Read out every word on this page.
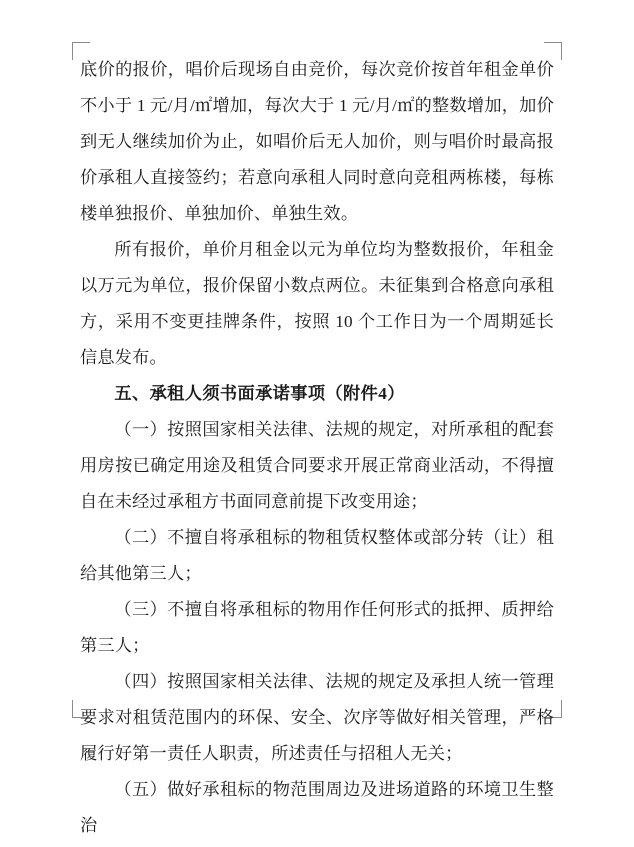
底价的报价，唱价后现场自由竞价，每次竞价按首年租金单价不小于 1 元/月/㎡增加，每次大于 1 元/月/㎡的整数增加，加价到无人继续加价为止，如唱价后无人加价，则与唱价时最高报价承租人直接签约；若意向承租人同时意向竞租两栋楼，每栋楼单独报价、单独加价、单独生效。

所有报价，单价月租金以元为单位均为整数报价，年租金以万元为单位，报价保留小数点两位。未征集到合格意向承租方，采用不变更挂牌条件，按照 10 个工作日为一个周期延长信息发布。

五、承租人须书面承诺事项（附件4）

（一）按照国家相关法律、法规的规定，对所承租的配套用房按已确定用途及租赁合同要求开展正常商业活动，不得擅自在未经过承租方书面同意前提下改变用途；

（二）不擅自将承租标的物租赁权整体或部分转（让）租给其他第三人；

（三）不擅自将承租标的物用作任何形式的抵押、质押给第三人；

（四）按照国家相关法律、法规的规定及承担人统一管理要求对租赁范围内的环保、安全、次序等做好相关管理，严格履行好第一责任人职责，所述责任与招租人无关；

（五）做好承租标的物范围周边及进场道路的环境卫生整治
